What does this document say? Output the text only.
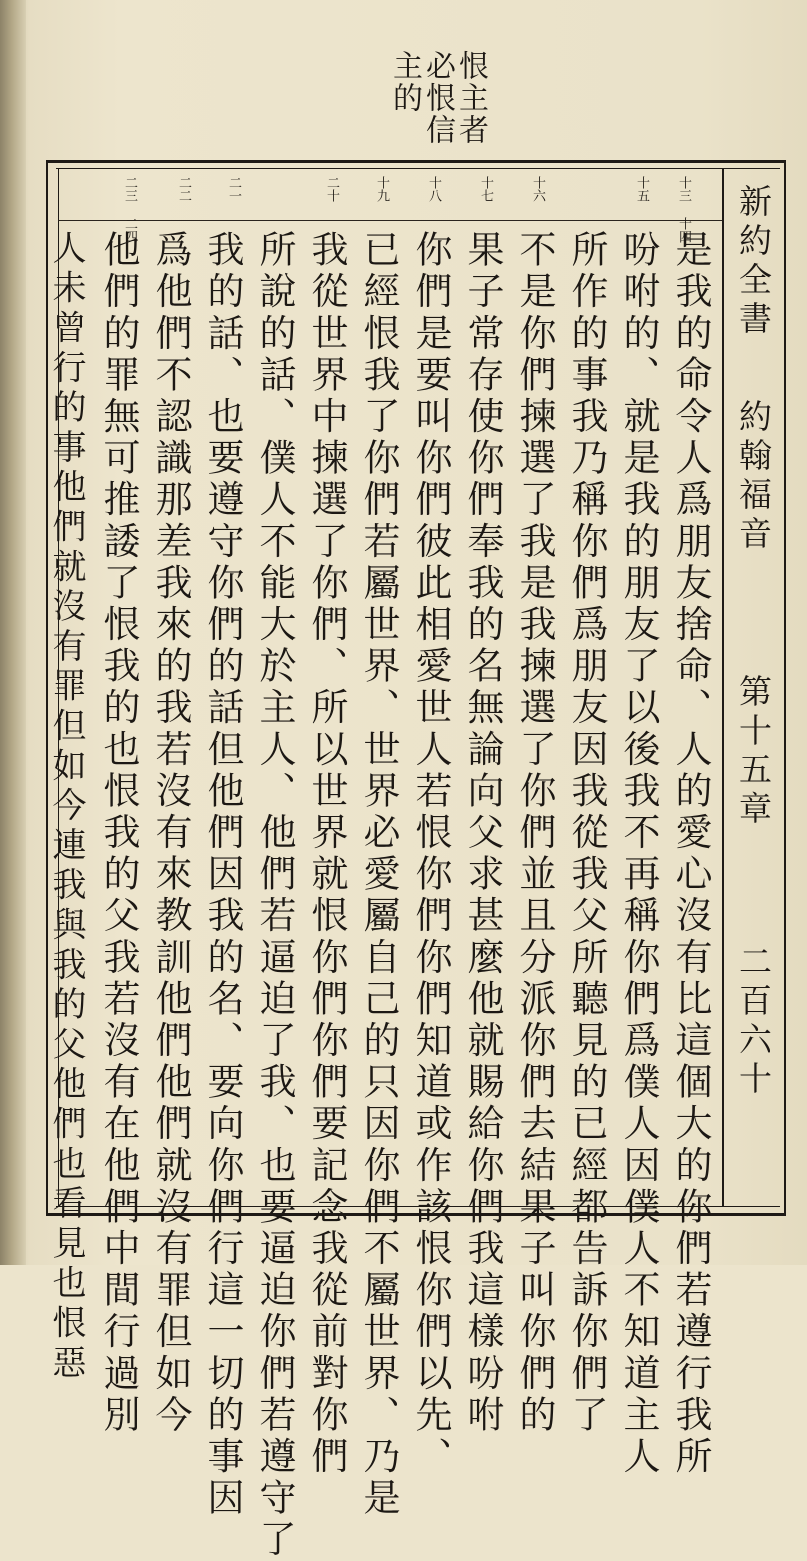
恨主者
必恨信
主的
新約全書
約翰福音
第十五章
二百六十
十三 十四
十五
十六
十七
十八
十九
二十
二一
二二
二三 二四
是我的命令人爲朋友捨命、人的愛心沒有比這個大的你們若遵行我所
吩咐的、就是我的朋友了以後我不再稱你們爲僕人因僕人不知道主人
所作的事我乃稱你們爲朋友因我從我父所聽見的已經都告訴你們了
不是你們揀選了我是我揀選了你們並且分派你們去結果子叫你們的
果子常存使你們奉我的名無論向父求甚麼他就賜給你們我這樣吩咐
你們是要叫你們彼此相愛世人若恨你們你們知道或作該恨你們以先、
已經恨我了你們若屬世界、世界必愛屬自己的只因你們不屬世界、乃是
我從世界中揀選了你們、所以世界就恨你們你們要記念我從前對你們
所說的話、僕人不能大於主人、他們若逼迫了我、也要逼迫你們若遵守了
我的話、也要遵守你們的話但他們因我的名、要向你們行這一切的事因
爲他們不認識那差我來的我若沒有來教訓他們他們就沒有罪但如今
他們的罪無可推諉了恨我的也恨我的父我若沒有在他們中間行過別
人未曾行的事他們就沒有罪但如今連我與我的父他們也看見也恨惡
